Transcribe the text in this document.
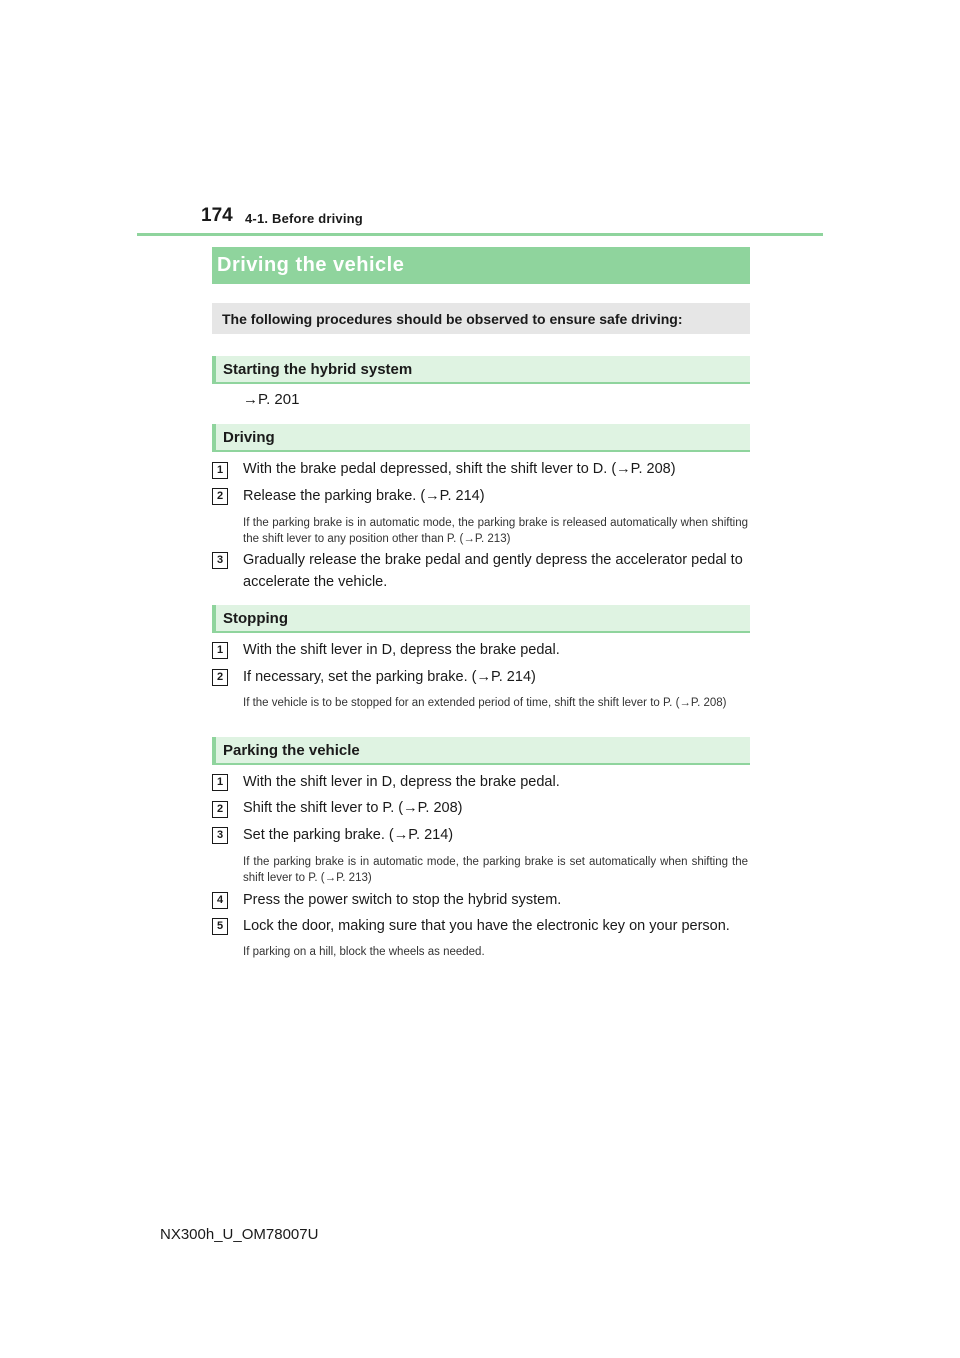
174 4-1. Before driving
Driving the vehicle
The following procedures should be observed to ensure safe driving:
Starting the hybrid system
→P. 201
Driving
1	With the brake pedal depressed, shift the shift lever to D. (→P. 208)
2	Release the parking brake. (→P. 214)
If the parking brake is in automatic mode, the parking brake is released automatically when shifting the shift lever to any position other than P. (→P. 213)
3	Gradually release the brake pedal and gently depress the accelerator pedal to accelerate the vehicle.
Stopping
1	With the shift lever in D, depress the brake pedal.
2	If necessary, set the parking brake. (→P. 214)
If the vehicle is to be stopped for an extended period of time, shift the shift lever to P. (→P. 208)
Parking the vehicle
1	With the shift lever in D, depress the brake pedal.
2	Shift the shift lever to P. (→P. 208)
3	Set the parking brake. (→P. 214)
If the parking brake is in automatic mode, the parking brake is set automatically when shifting the shift lever to P. (→P. 213)
4	Press the power switch to stop the hybrid system.
5	Lock the door, making sure that you have the electronic key on your person.
If parking on a hill, block the wheels as needed.
NX300h_U_OM78007U
